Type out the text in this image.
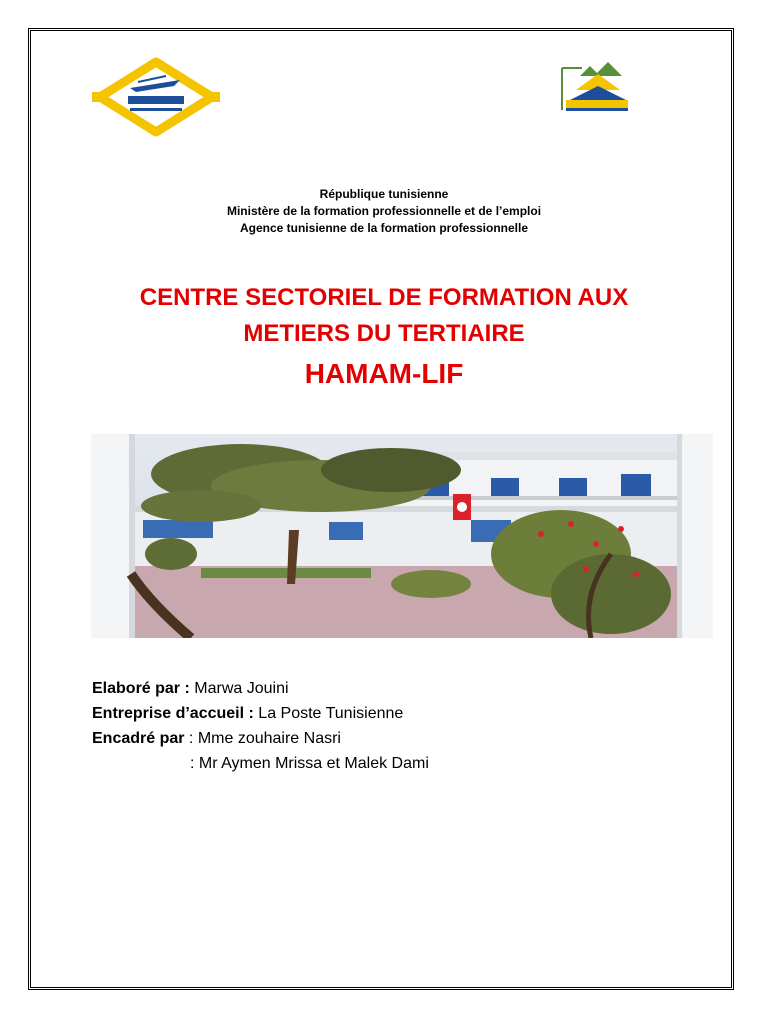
République tunisienne
Ministère de la formation professionnelle et de l’emploi
Agence tunisienne de la formation professionnelle
CENTRE SECTORIEL DE FORMATION AUX
METIERS DU TERTIAIRE
HAMAM-LIF
Elaboré par : Marwa Jouini
Entreprise d’accueil : La Poste Tunisienne
Encadré par : Mme zouhaire Nasri
: Mr Aymen Mrissa et Malek Dami
